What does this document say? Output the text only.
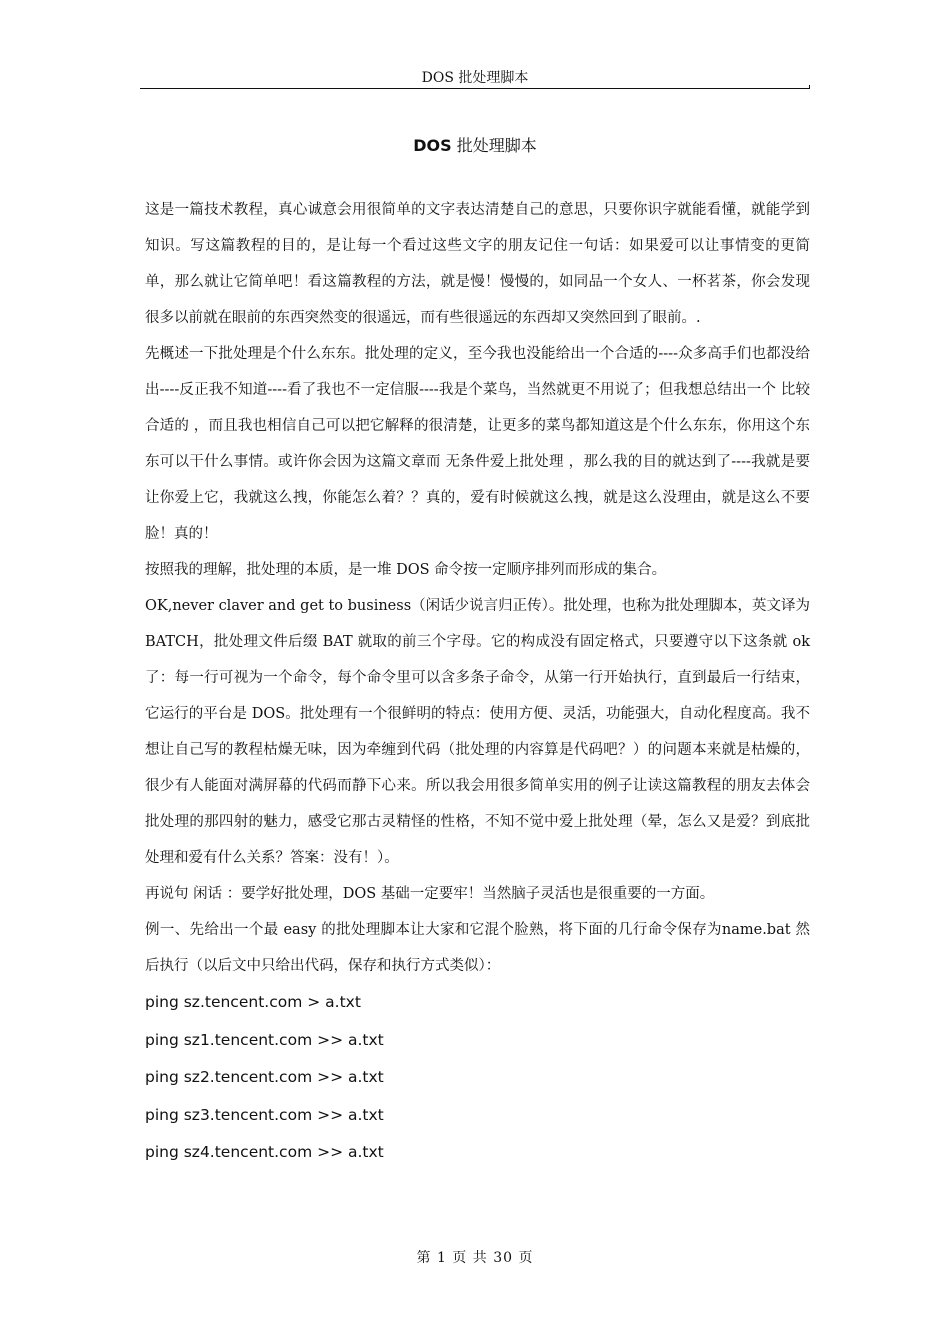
DOS 批处理脚本
DOS 批处理脚本

这是一篇技术教程，真心诚意会用很简单的文字表达清楚自己的意思，只要你识字就能看懂，就能学到知识。写这篇教程的目的，是让每一个看过这些文字的朋友记住一句话：如果爱可以让事情变的更简单，那么就让它简单吧！看这篇教程的方法，就是慢！慢慢的，如同品一个女人、一杯茗茶，你会发现很多以前就在眼前的东西突然变的很遥远，而有些很遥远的东西却又突然回到了眼前。.

先概述一下批处理是个什么东东。批处理的定义，至今我也没能给出一个合适的----众多高手们也都没给出----反正我不知道----看了我也不一定信服----我是个菜鸟，当然就更不用说了；但我想总结出一个 比较合适的 ，而且我也相信自己可以把它解释的很清楚，让更多的菜鸟都知道这是个什么东东，你用这个东东可以干什么事情。或许你会因为这篇文章而 无条件爱上批处理 ，那么我的目的就达到了----我就是要让你爱上它，我就这么拽，你能怎么着？？真的，爱有时候就这么拽，就是这么没理由，就是这么不要脸！真的！

按照我的理解，批处理的本质，是一堆 DOS 命令按一定顺序排列而形成的集合。

OK,never claver and get to business（闲话少说言归正传）。批处理，也称为批处理脚本，英文译为 BATCH，批处理文件后缀 BAT 就取的前三个字母。它的构成没有固定格式，只要遵守以下这条就 ok 了：每一行可视为一个命令，每个命令里可以含多条子命令，从第一行开始执行，直到最后一行结束，它运行的平台是 DOS。批处理有一个很鲜明的特点：使用方便、灵活，功能强大，自动化程度高。我不想让自己写的教程枯燥无味，因为牵缠到代码（批处理的内容算是代码吧？）的问题本来就是枯燥的，很少有人能面对满屏幕的代码而静下心来。所以我会用很多简单实用的例子让读这篇教程的朋友去体会批处理的那四射的魅力，感受它那古灵精怪的性格，不知不觉中爱上批处理（晕，怎么又是爱？到底批处理和爱有什么关系？答案：没有！）。

再说句 闲话 ：要学好批处理，DOS 基础一定要牢！当然脑子灵活也是很重要的一方面。

例一、先给出一个最 easy 的批处理脚本让大家和它混个脸熟，将下面的几行命令保存为name.bat 然后执行（以后文中只给出代码，保存和执行方式类似）：

ping sz.tencent.com > a.txt

ping sz1.tencent.com >> a.txt

ping sz2.tencent.com >> a.txt

ping sz3.tencent.com >> a.txt

ping sz4.tencent.com >> a.txt

第 1 页 共 30 页
